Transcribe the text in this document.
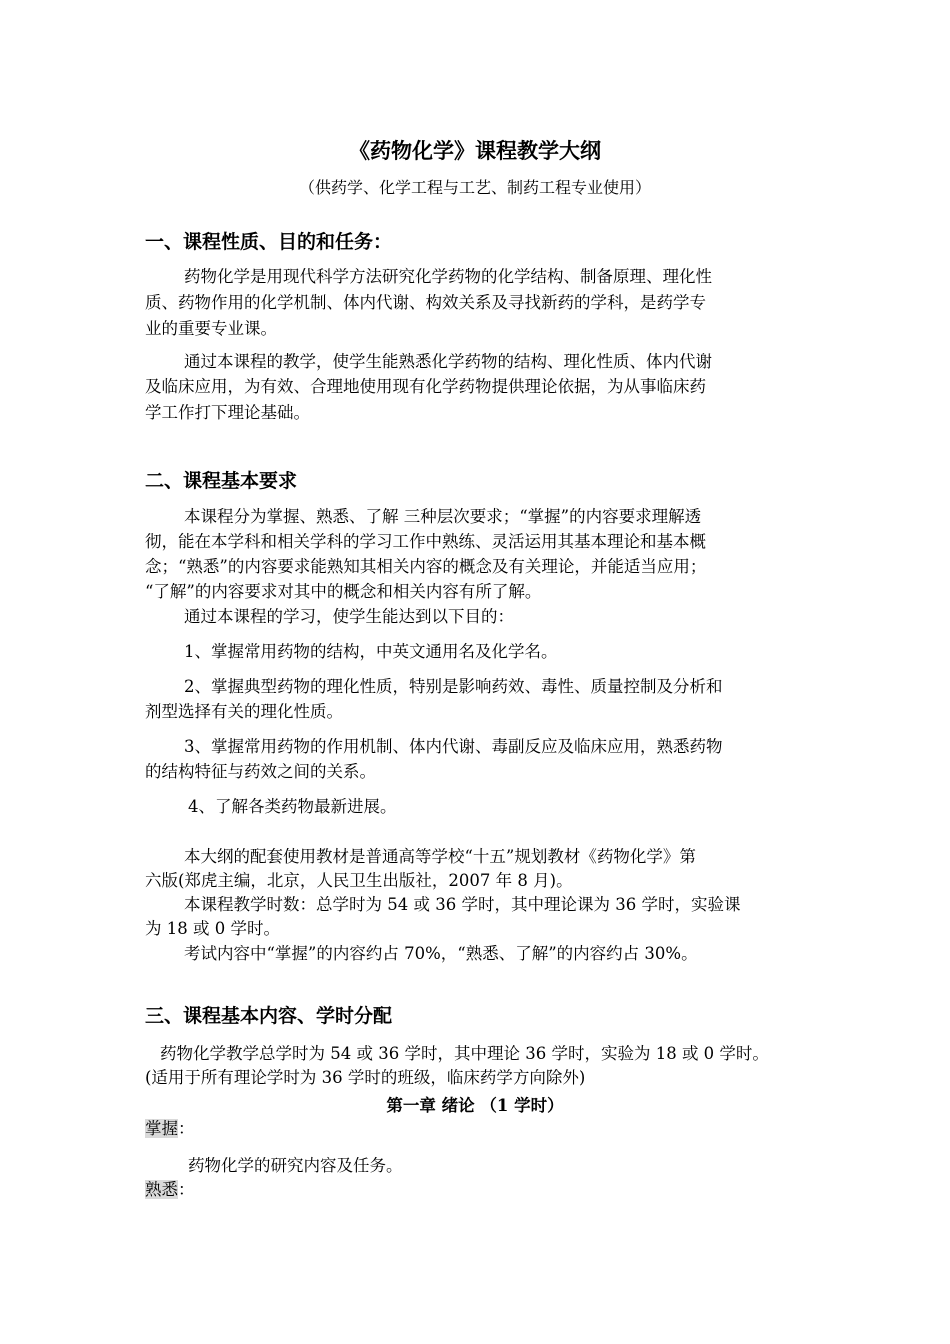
《药物化学》课程教学大纲
（供药学、化学工程与工艺、制药工程专业使用）
一、课程性质、目的和任务：
药物化学是用现代科学方法研究化学药物的化学结构、制备原理、理化性
质、药物作用的化学机制、体内代谢、构效关系及寻找新药的学科，是药学专
业的重要专业课。
通过本课程的教学，使学生能熟悉化学药物的结构、理化性质、体内代谢
及临床应用，为有效、合理地使用现有化学药物提供理论依据，为从事临床药
学工作打下理论基础。
二、课程基本要求
本课程分为掌握、熟悉、了解 三种层次要求；“掌握”的内容要求理解透
彻，能在本学科和相关学科的学习工作中熟练、灵活运用其基本理论和基本概
念；“熟悉”的内容要求能熟知其相关内容的概念及有关理论，并能适当应用；
“了解”的内容要求对其中的概念和相关内容有所了解。
通过本课程的学习，使学生能达到以下目的：
1、掌握常用药物的结构，中英文通用名及化学名。
2、掌握典型药物的理化性质，特别是影响药效、毒性、质量控制及分析和
剂型选择有关的理化性质。
3、掌握常用药物的作用机制、体内代谢、毒副反应及临床应用，熟悉药物
的结构特征与药效之间的关系。
4、了解各类药物最新进展。
本大纲的配套使用教材是普通高等学校“十五”规划教材《药物化学》第
六版(郑虎主编，北京，人民卫生出版社，2007 年 8 月)。
本课程教学时数：总学时为 54 或 36 学时，其中理论课为 36 学时，实验课
为 18 或 0 学时。
考试内容中“掌握”的内容约占 70%，“熟悉、了解”的内容约占 30%。
三、课程基本内容、学时分配
药物化学教学总学时为 54 或 36 学时，其中理论 36 学时，实验为 18 或 0 学时。
(适用于所有理论学时为 36 学时的班级，临床药学方向除外)
第一章 绪论 （1 学时）
掌握：
药物化学的研究内容及任务。
熟悉：
